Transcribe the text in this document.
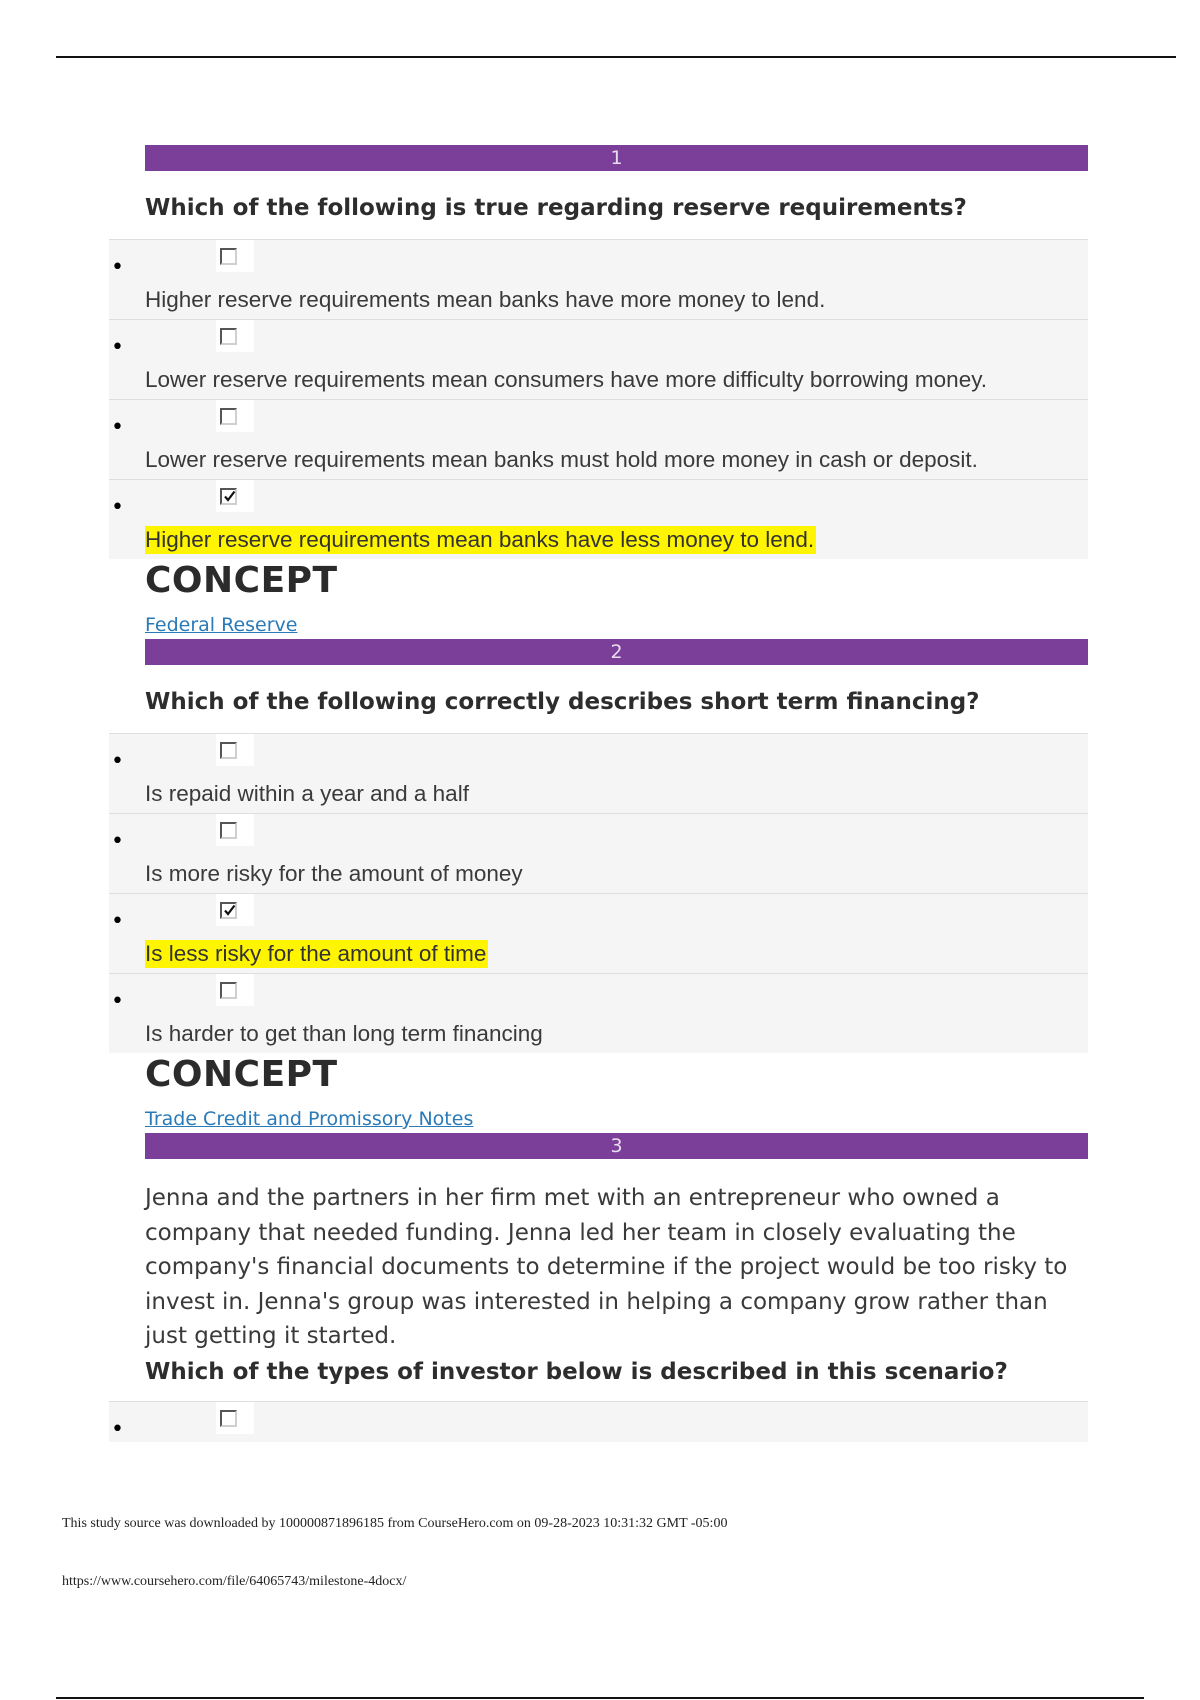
1
Which of the following is true regarding reserve requirements?
•
Higher reserve requirements mean banks have more money to lend.
•
Lower reserve requirements mean consumers have more difficulty borrowing money.
•
Lower reserve requirements mean banks must hold more money in cash or deposit.
•
Higher reserve requirements mean banks have less money to lend.
CONCEPT
Federal Reserve
2
Which of the following correctly describes short term financing?
•
Is repaid within a year and a half
•
Is more risky for the amount of money
•
Is less risky for the amount of time
•
Is harder to get than long term financing
CONCEPT
Trade Credit and Promissory Notes
3
Jenna and the partners in her firm met with an entrepreneur who owned a company that needed funding. Jenna led her team in closely evaluating the company's financial documents to determine if the project would be too risky to invest in. Jenna's group was interested in helping a company grow rather than just getting it started.
Which of the types of investor below is described in this scenario?
•
This study source was downloaded by 100000871896185 from CourseHero.com on 09-28-2023 10:31:32 GMT -05:00
https://www.coursehero.com/file/64065743/milestone-4docx/
